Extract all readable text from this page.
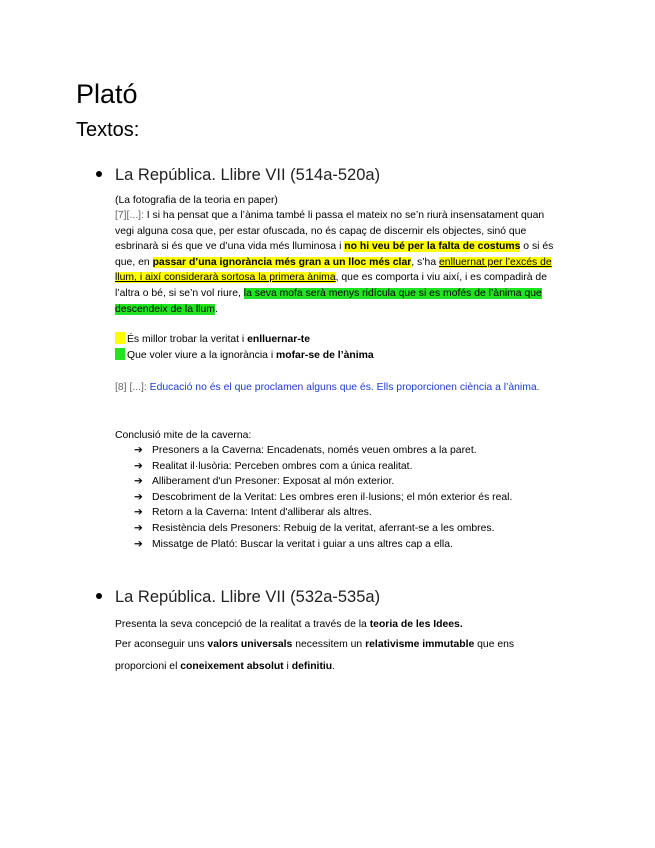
Plató
Textos:
La República. Llibre VII (514a-520a)
(La fotografia de la teoria en paper)
[7][...]: I si ha pensat que a l’ànima també li passa el mateix no se’n riurà insensatament quan vegi alguna cosa que, per estar ofuscada, no és capaç de discernir els objectes, sinó que esbrinarà si és que ve d’una vida més lluminosa i no hi veu bé per la falta de costums o si és que, en passar d’una ignorància més gran a un lloc més clar, s’ha enlluernat per l’excés de llum, i així considerarà sortosa la primera ànima, que es comporta i viu així, i es compadirà de l’altra o bé, si se’n vol riure, la seva mofa serà menys ridícula que si es mofés de l’ànima que descendeix de la llum.
És millor trobar la veritat i enlluernar-te
Que voler viure a la ignorància i mofar-se de l’ànima
[8] [...]: Educació no és el que proclamen alguns que és. Ells proporcionen ciència a l’ànima.
Conclusió mite de la caverna:
➔ Presoners a la Caverna: Encadenats, només veuen ombres a la paret.
➔ Realitat il·lusòria: Perceben ombres com a única realitat.
➔ Alliberament d'un Presoner: Exposat al món exterior.
➔ Descobriment de la Veritat: Les ombres eren il·lusions; el món exterior és real.
➔ Retorn a la Caverna: Intent d'alliberar als altres.
➔ Resistència dels Presoners: Rebuig de la veritat, aferrant-se a les ombres.
➔ Missatge de Plató: Buscar la veritat i guiar a uns altres cap a ella.
La República. Llibre VII (532a-535a)
Presenta la seva concepció de la realitat a través de la teoria de les Idees.
Per aconseguir uns valors universals necessitem un relativisme immutable que ens proporcioni el coneixement absolut i definitiu.
